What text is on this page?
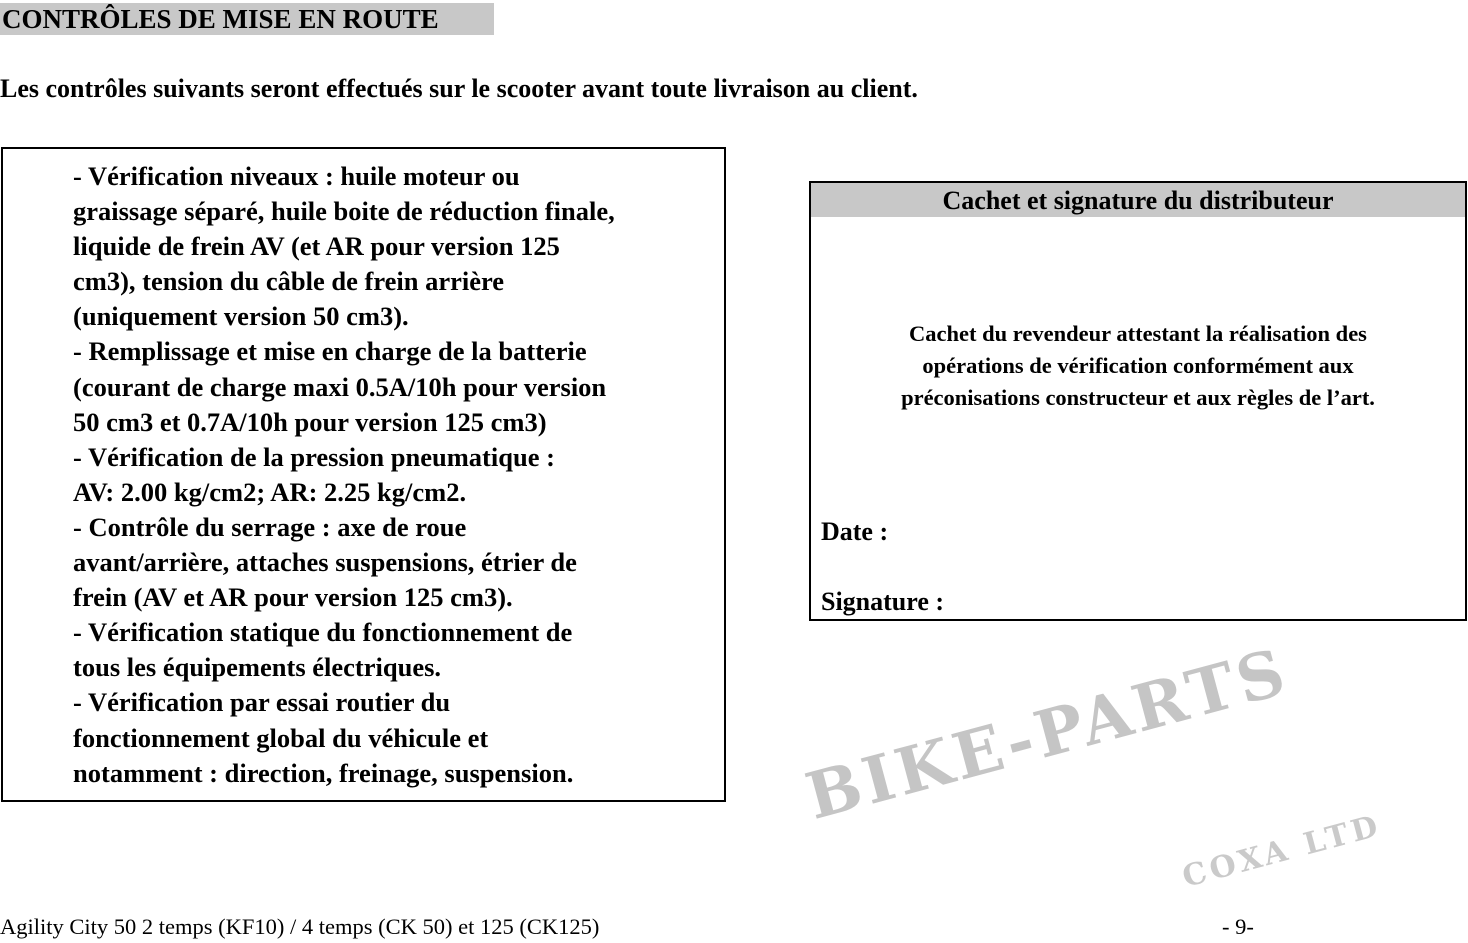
CONTRÔLES DE MISE EN ROUTE
Les contrôles suivants seront effectués sur le scooter avant toute livraison au client.
- Vérification niveaux : huile moteur ou
graissage séparé, huile boite de réduction finale,
liquide de frein AV (et AR pour version 125
cm3), tension du câble de frein arrière
(uniquement version 50 cm3).
- Remplissage et mise en charge de la batterie
(courant de charge maxi 0.5A/10h pour version
50 cm3 et 0.7A/10h pour version 125 cm3)
- Vérification de la pression pneumatique :
AV: 2.00 kg/cm2; AR: 2.25 kg/cm2.
- Contrôle du serrage : axe de roue
avant/arrière, attaches suspensions, étrier de
frein (AV et AR pour version 125 cm3).
- Vérification statique du fonctionnement de
tous les équipements électriques.
- Vérification par essai routier du
fonctionnement global du véhicule et
notamment : direction, freinage, suspension.
Cachet et signature du distributeur
Cachet du revendeur attestant la réalisation des
opérations de vérification conformément aux
préconisations constructeur et aux règles de l’art.
Date :
Signature :
Agility City 50 2 temps (KF10) / 4 temps (CK 50) et 125 (CK125)	- 9-
BIKE-PARTS
COXA LTD
